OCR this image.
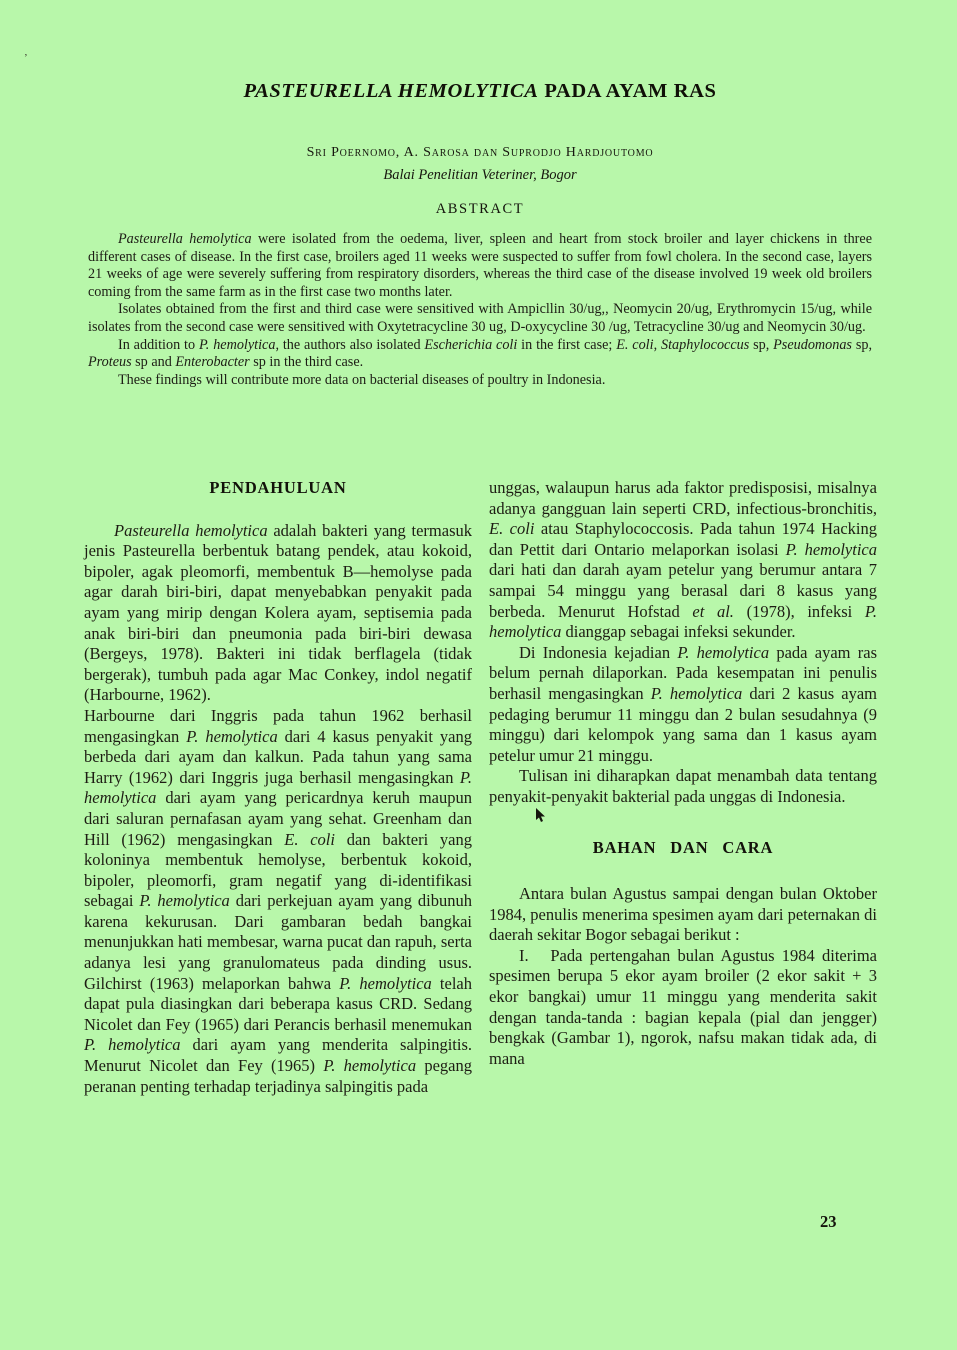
’
PASTEURELLA HEMOLYTICA PADA AYAM RAS
Sri Poernomo, A. Sarosa dan Suprodjo Hardjoutomo
Balai Penelitian Veteriner, Bogor
ABSTRACT

Pasteurella hemolytica were isolated from the oedema, liver, spleen and heart from stock broiler and layer chickens in three different cases of disease. In the first case, broilers aged 11 weeks were suspected to suffer from fowl cholera. In the second case, layers 21 weeks of age were severely suffering from respiratory disorders, whereas the third case of the disease involved 19 week old broilers coming from the same farm as in the first case two months later.

Isolates obtained from the first and third case were sensitived with Ampicllin 30/ug,, Neomycin 20/ug, Erythromycin 15/ug, while isolates from the second case were sensitived with Oxytetracycline 30 ug, D-oxycycline 30 /ug, Tetracycline 30/ug and Neomycin 30/ug.

In addition to P. hemolytica, the authors also isolated Escherichia coli in the first case; E. coli, Staphylococcus sp, Pseudomonas sp, Proteus sp and Enterobacter sp in the third case.

These findings will contribute more data on bacterial diseases of poultry in Indonesia.

PENDAHULUAN

Pasteurella hemolytica adalah bakteri yang termasuk jenis Pasteurella berbentuk batang pendek, atau kokoid, bipoler, agak pleomorfi, membentuk B—hemolyse pada agar darah biri-biri, dapat menyebabkan penyakit pada ayam yang mirip dengan Kolera ayam, septisemia pada anak biri-biri dan pneumonia pada biri-biri dewasa (Bergeys, 1978). Bakteri ini tidak berflagela (tidak bergerak), tumbuh pada agar Mac Conkey, indol negatif (Harbourne, 1962).

Harbourne dari Inggris pada tahun 1962 berhasil mengasingkan P. hemolytica dari 4 kasus penyakit yang berbeda dari ayam dan kalkun. Pada tahun yang sama Harry (1962) dari Inggris juga berhasil mengasingkan P. hemolytica dari ayam yang pericardnya keruh maupun dari saluran pernafasan ayam yang sehat. Greenham dan Hill (1962) mengasingkan E. coli dan bakteri yang koloninya membentuk hemolyse, berbentuk kokoid, bipoler, pleomorfi, gram negatif yang di-identifikasi sebagai P. hemolytica dari perkejuan ayam yang dibunuh karena kekurusan. Dari gambaran bedah bangkai menunjukkan hati membesar, warna pucat dan rapuh, serta adanya lesi yang granulomateus pada dinding usus. Gilchirst (1963) melaporkan bahwa P. hemolytica telah dapat pula diasingkan dari beberapa kasus CRD. Sedang Nicolet dan Fey (1965) dari Perancis berhasil menemukan P. hemolytica dari ayam yang menderita salpingitis. Menurut Nicolet dan Fey (1965) P. hemolytica pegang peranan penting terhadap terjadinya salpingitis pada

unggas, walaupun harus ada faktor predisposisi, misalnya adanya gangguan lain seperti CRD, infectious-bronchitis, E. coli atau Staphylococcosis. Pada tahun 1974 Hacking dan Pettit dari Ontario melaporkan isolasi P. hemolytica dari hati dan darah ayam petelur yang berumur antara 7 sampai 54 minggu yang berasal dari 8 kasus yang berbeda. Menurut Hofstad et al. (1978), infeksi P. hemolytica dianggap sebagai infeksi sekunder.

Di Indonesia kejadian P. hemolytica pada ayam ras belum pernah dilaporkan. Pada kesempatan ini penulis berhasil mengasingkan P. hemolytica dari 2 kasus ayam pedaging berumur 11 minggu dan 2 bulan sesudahnya (9 minggu) dari kelompok yang sama dan 1 kasus ayam petelur umur 21 minggu.

Tulisan ini diharapkan dapat menambah data tentang penyakit-penyakit bakterial pada unggas di Indonesia.

BAHAN DAN CARA

Antara bulan Agustus sampai dengan bulan Oktober 1984, penulis menerima spesimen ayam dari peternakan di daerah sekitar Bogor sebagai berikut :

I.   Pada pertengahan bulan Agustus 1984 diterima spesimen berupa 5 ekor ayam broiler (2 ekor sakit + 3 ekor bangkai) umur 11 minggu yang menderita sakit dengan tanda-tanda : bagian kepala (pial dan jengger) bengkak (Gambar 1), ngorok, nafsu makan tidak ada, di mana

23
